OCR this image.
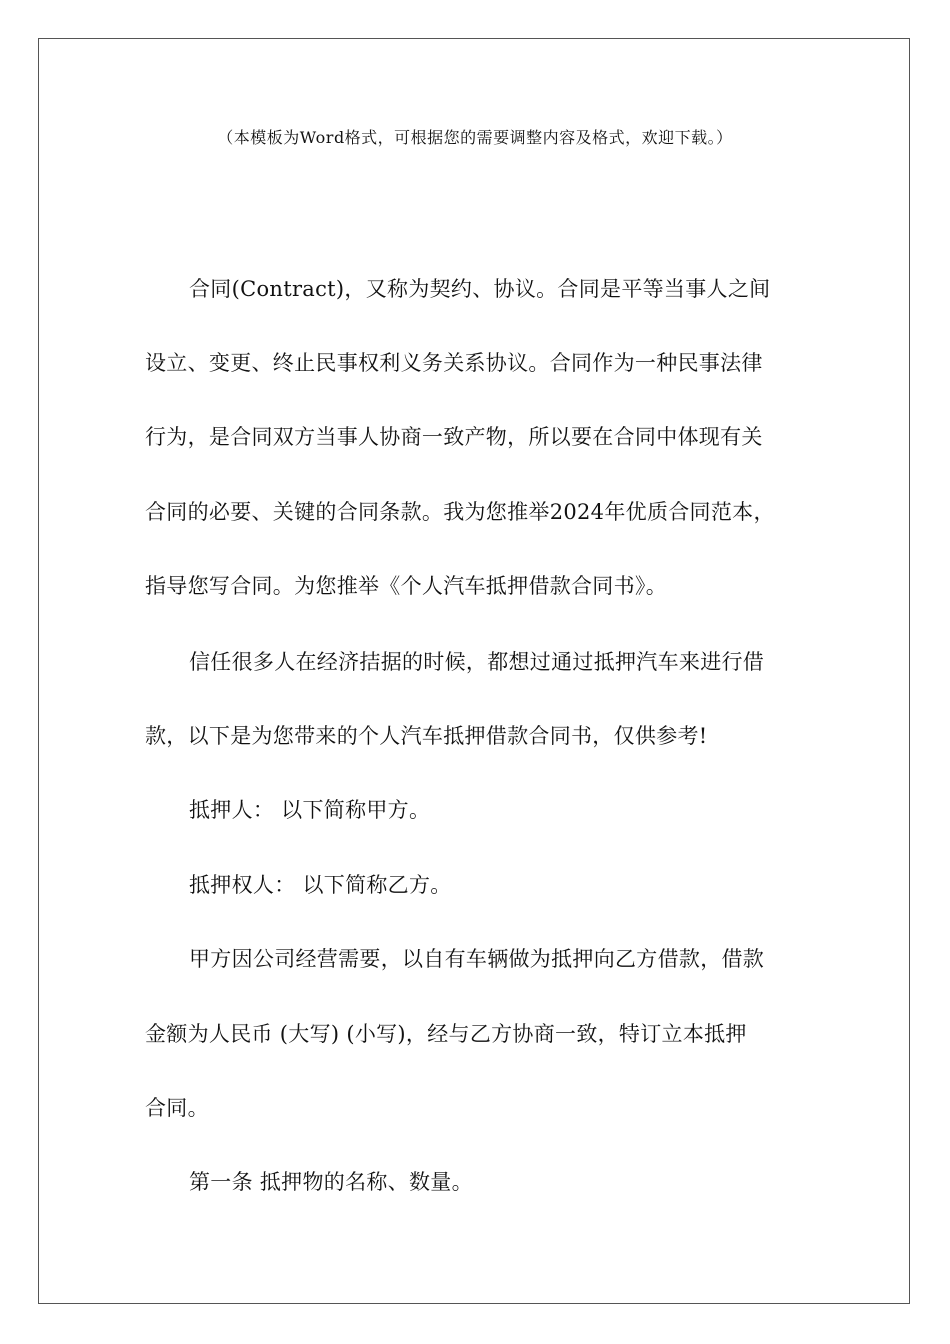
（本模板为Word格式，可根据您的需要调整内容及格式，欢迎下载。）
合同(Contract)，又称为契约、协议。合同是平等当事人之间
设立、变更、终止民事权利义务关系协议。合同作为一种民事法律
行为，是合同双方当事人协商一致产物，所以要在合同中体现有关
合同的必要、关键的合同条款。我为您推举2024年优质合同范本，
指导您写合同。为您推举《个人汽车抵押借款合同书》。
信任很多人在经济拮据的时候，都想过通过抵押汽车来进行借
款，以下是为您带来的个人汽车抵押借款合同书，仅供参考!
抵押人： 以下简称甲方。
抵押权人： 以下简称乙方。
甲方因公司经营需要，以自有车辆做为抵押向乙方借款，借款
金额为人民币 (大写) (小写)，经与乙方协商一致，特订立本抵押
合同。
第一条 抵押物的名称、数量。
